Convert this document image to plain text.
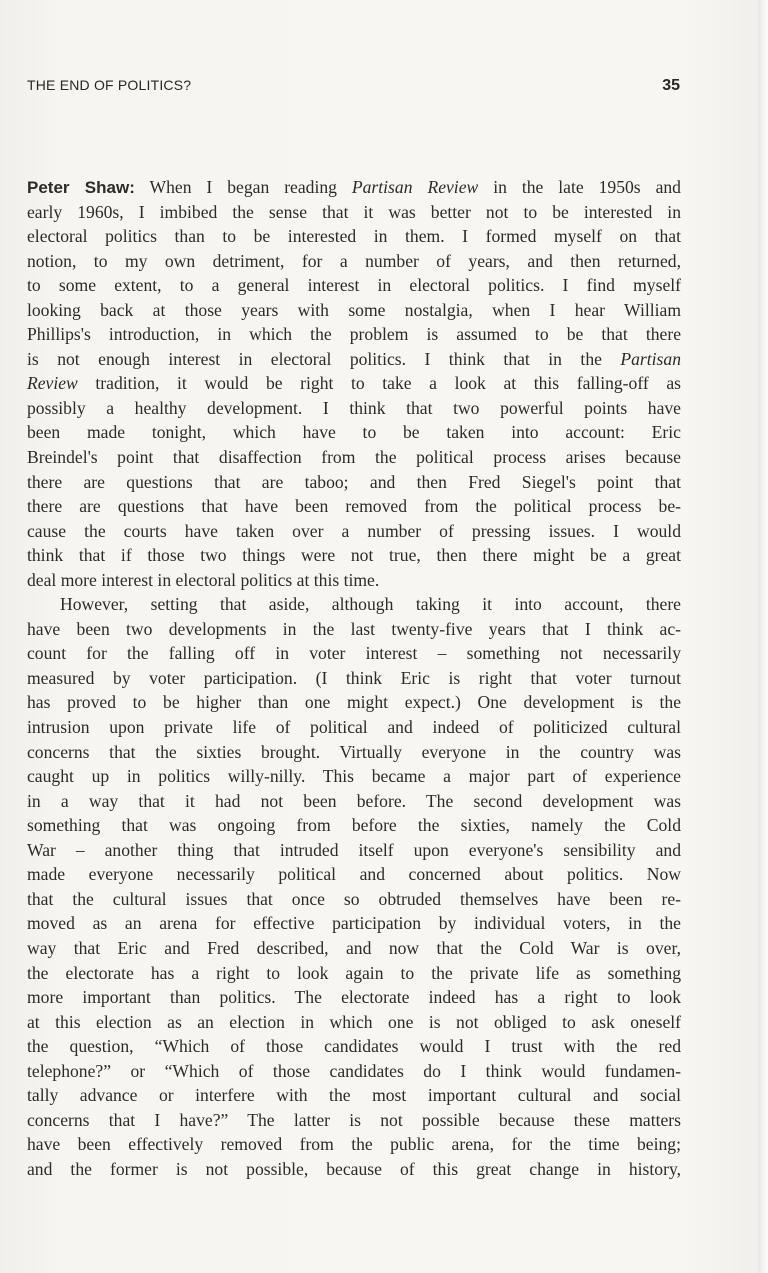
THE END OF POLITICS?	35
Peter Shaw: When I began reading Partisan Review in the late 1950s and
early 1960s, I imbibed the sense that it was better not to be interested in
electoral politics than to be interested in them. I formed myself on that
notion, to my own detriment, for a number of years, and then returned,
to some extent, to a general interest in electoral politics. I find myself
looking back at those years with some nostalgia, when I hear William
Phillips's introduction, in which the problem is assumed to be that there
is not enough interest in electoral politics. I think that in the Partisan
Review tradition, it would be right to take a look at this falling-off as
possibly a healthy development. I think that two powerful points have
been made tonight, which have to be taken into account: Eric
Breindel's point that disaffection from the political process arises because
there are questions that are taboo; and then Fred Siegel's point that
there are questions that have been removed from the political process be-
cause the courts have taken over a number of pressing issues. I would
think that if those two things were not true, then there might be a great
deal more interest in electoral politics at this time.
However, setting that aside, although taking it into account, there
have been two developments in the last twenty-five years that I think ac-
count for the falling off in voter interest – something not necessarily
measured by voter participation. (I think Eric is right that voter turnout
has proved to be higher than one might expect.) One development is the
intrusion upon private life of political and indeed of politicized cultural
concerns that the sixties brought. Virtually everyone in the country was
caught up in politics willy-nilly. This became a major part of experience
in a way that it had not been before. The second development was
something that was ongoing from before the sixties, namely the Cold
War – another thing that intruded itself upon everyone's sensibility and
made everyone necessarily political and concerned about politics. Now
that the cultural issues that once so obtruded themselves have been re-
moved as an arena for effective participation by individual voters, in the
way that Eric and Fred described, and now that the Cold War is over,
the electorate has a right to look again to the private life as something
more important than politics. The electorate indeed has a right to look
at this election as an election in which one is not obliged to ask oneself
the question, “Which of those candidates would I trust with the red
telephone?” or “Which of those candidates do I think would fundamen-
tally advance or interfere with the most important cultural and social
concerns that I have?” The latter is not possible because these matters
have been effectively removed from the public arena, for the time being;
and the former is not possible, because of this great change in history,
